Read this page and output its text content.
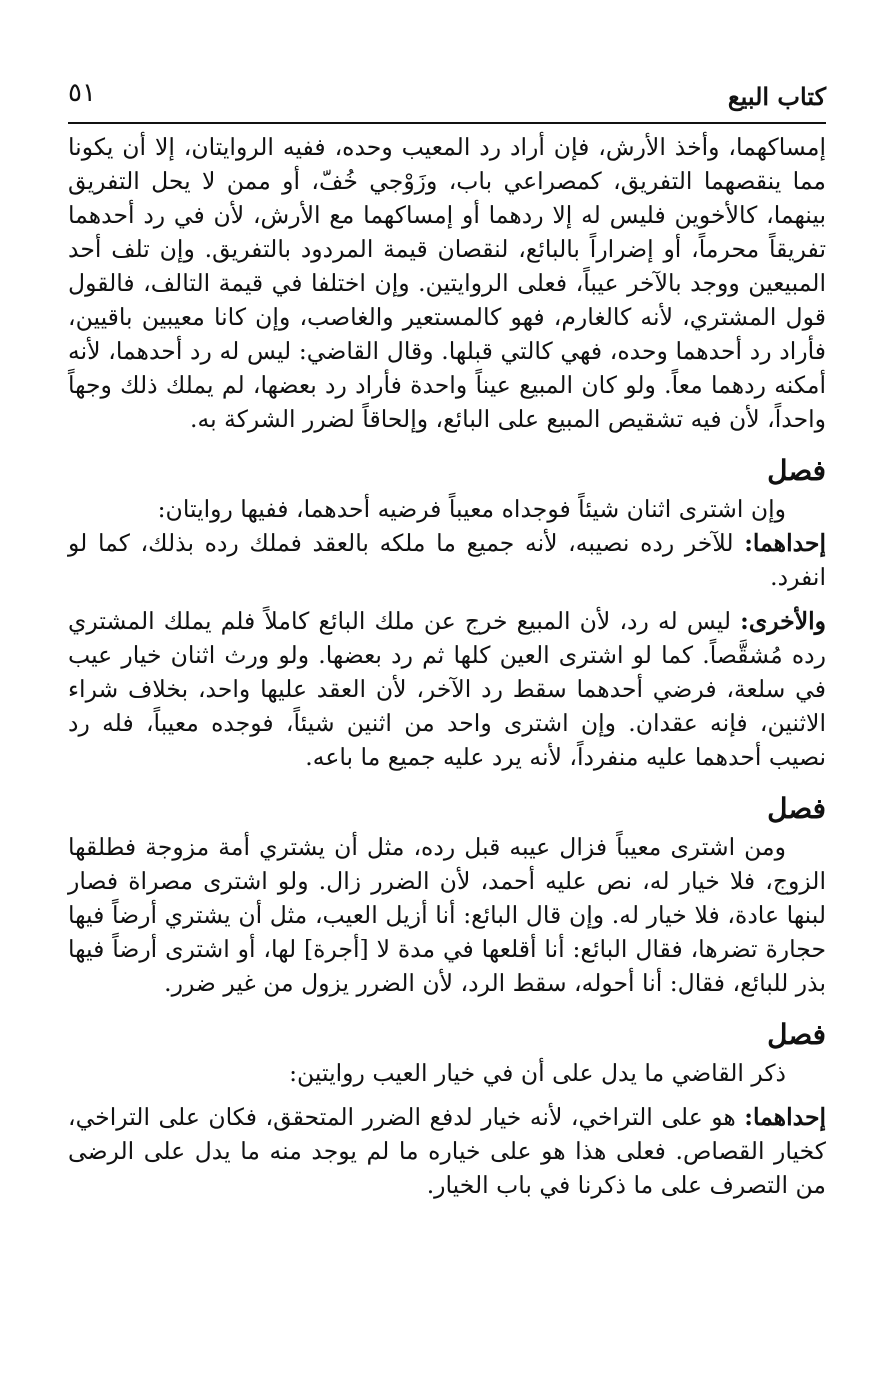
٥١	كتاب البيع

إمساكهما، وأخذ الأرش، فإن أراد رد المعيب وحده، ففيه الروايتان، إلا أن يكونا مما ينقصهما التفريق، كمصراعي باب، وزَوْجي خُفّ، أو ممن لا يحل التفريق بينهما، كالأخوين فليس له إلا ردهما أو إمساكهما مع الأرش، لأن في رد أحدهما تفريقاً محرماً، أو إضراراً بالبائع، لنقصان قيمة المردود بالتفريق. وإن تلف أحد المبيعين ووجد بالآخر عيباً، فعلى الروايتين. وإن اختلفا في قيمة التالف، فالقول قول المشتري، لأنه كالغارم، فهو كالمستعير والغاصب، وإن كانا معيبين باقيين، فأراد رد أحدهما وحده، فهي كالتي قبلها. وقال القاضي: ليس له رد أحدهما، لأنه أمكنه ردهما معاً. ولو كان المبيع عيناً واحدة فأراد رد بعضها، لم يملك ذلك وجهاً واحداً، لأن فيه تشقيص المبيع على البائع، وإلحاقاً لضرر الشركة به.

فصل

وإن اشترى اثنان شيئاً فوجداه معيباً فرضيه أحدهما، ففيها روايتان:

إحداهما: للآخر رده نصيبه، لأنه جميع ما ملكه بالعقد فملك رده بذلك، كما لو انفرد.

والأخرى: ليس له رد، لأن المبيع خرج عن ملك البائع كاملاً فلم يملك المشتري رده مُشقَّصاً. كما لو اشترى العين كلها ثم رد بعضها. ولو ورث اثنان خيار عيب في سلعة، فرضي أحدهما سقط رد الآخر، لأن العقد عليها واحد، بخلاف شراء الاثنين، فإنه عقدان. وإن اشترى واحد من اثنين شيئاً، فوجده معيباً، فله رد نصيب أحدهما عليه منفرداً، لأنه يرد عليه جميع ما باعه.

فصل

ومن اشترى معيباً فزال عيبه قبل رده، مثل أن يشتري أمة مزوجة فطلقها الزوج، فلا خيار له، نص عليه أحمد، لأن الضرر زال. ولو اشترى مصراة فصار لبنها عادة، فلا خيار له. وإن قال البائع: أنا أزيل العيب، مثل أن يشتري أرضاً فيها حجارة تضرها، فقال البائع: أنا أقلعها في مدة لا [أجرة] لها، أو اشترى أرضاً فيها بذر للبائع، فقال: أنا أحوله، سقط الرد، لأن الضرر يزول من غير ضرر.

فصل

ذكر القاضي ما يدل على أن في خيار العيب روايتين:

إحداهما: هو على التراخي، لأنه خيار لدفع الضرر المتحقق، فكان على التراخي، كخيار القصاص. فعلى هذا هو على خياره ما لم يوجد منه ما يدل على الرضى من التصرف على ما ذكرنا في باب الخيار.
